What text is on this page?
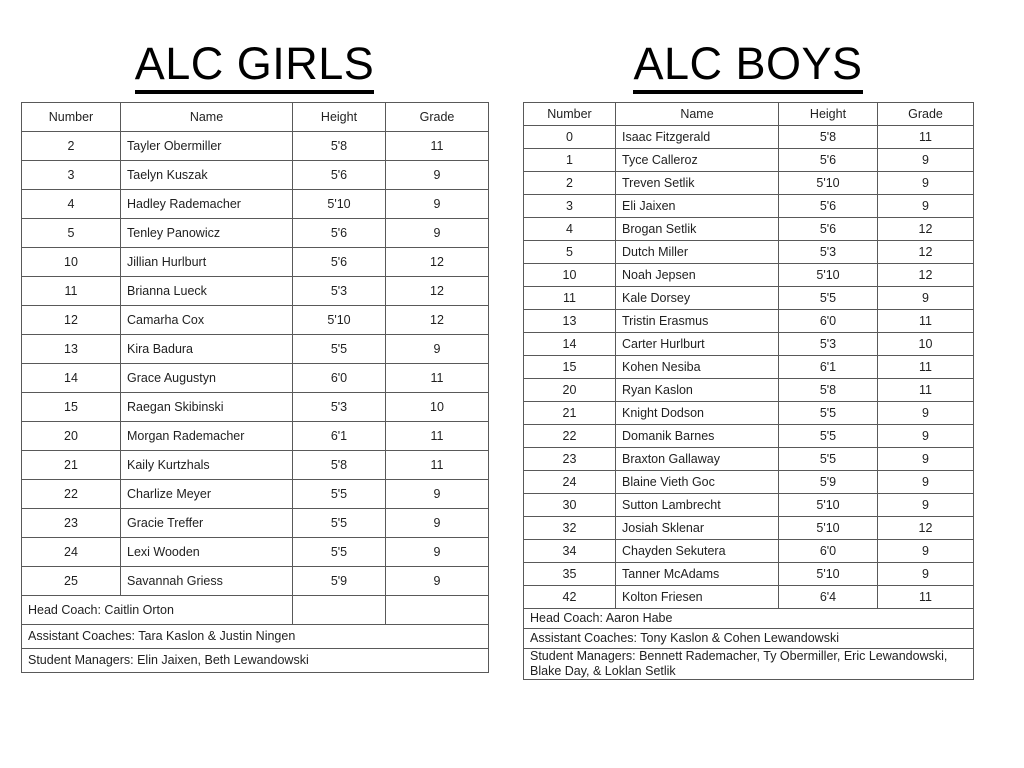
ALC GIRLS
Number	Name	Height	Grade
2	Tayler Obermiller	5'8	11
3	Taelyn Kuszak	5'6	9
4	Hadley Rademacher	5'10	9
5	Tenley Panowicz	5'6	9
10	Jillian Hurlburt	5'6	12
11	Brianna Lueck	5'3	12
12	Camarha Cox	5'10	12
13	Kira Badura	5'5	9
14	Grace Augustyn	6'0	11
15	Raegan Skibinski	5'3	10
20	Morgan Rademacher	6'1	11
21	Kaily Kurtzhals	5'8	11
22	Charlize Meyer	5'5	9
23	Gracie Treffer	5'5	9
24	Lexi Wooden	5'5	9
25	Savannah Griess	5'9	9
Head Coach: Caitlin Orton			
Assistant Coaches: Tara Kaslon & Justin Ningen			
Student Managers: Elin Jaixen, Beth Lewandowski			
ALC BOYS
Number	Name	Height	Grade
0	Isaac Fitzgerald	5'8	11
1	Tyce Calleroz	5'6	9
2	Treven Setlik	5'10	9
3	Eli Jaixen	5'6	9
4	Brogan Setlik	5'6	12
5	Dutch Miller	5'3	12
10	Noah Jepsen	5'10	12
11	Kale Dorsey	5'5	9
13	Tristin Erasmus	6'0	11
14	Carter Hurlburt	5'3	10
15	Kohen Nesiba	6'1	11
20	Ryan Kaslon	5'8	11
21	Knight Dodson	5'5	9
22	Domanik Barnes	5'5	9
23	Braxton Gallaway	5'5	9
24	Blaine Vieth Goc	5'9	9
30	Sutton Lambrecht	5'10	9
32	Josiah Sklenar	5'10	12
34	Chayden Sekutera	6'0	9
35	Tanner McAdams	5'10	9
42	Kolton Friesen	6'4	11
Head Coach: Aaron Habe			
Assistant Coaches: Tony Kaslon & Cohen Lewandowski			
Student Managers: Bennett Rademacher, Ty Obermiller, Eric Lewandowski, Blake Day, & Loklan Setlik			
